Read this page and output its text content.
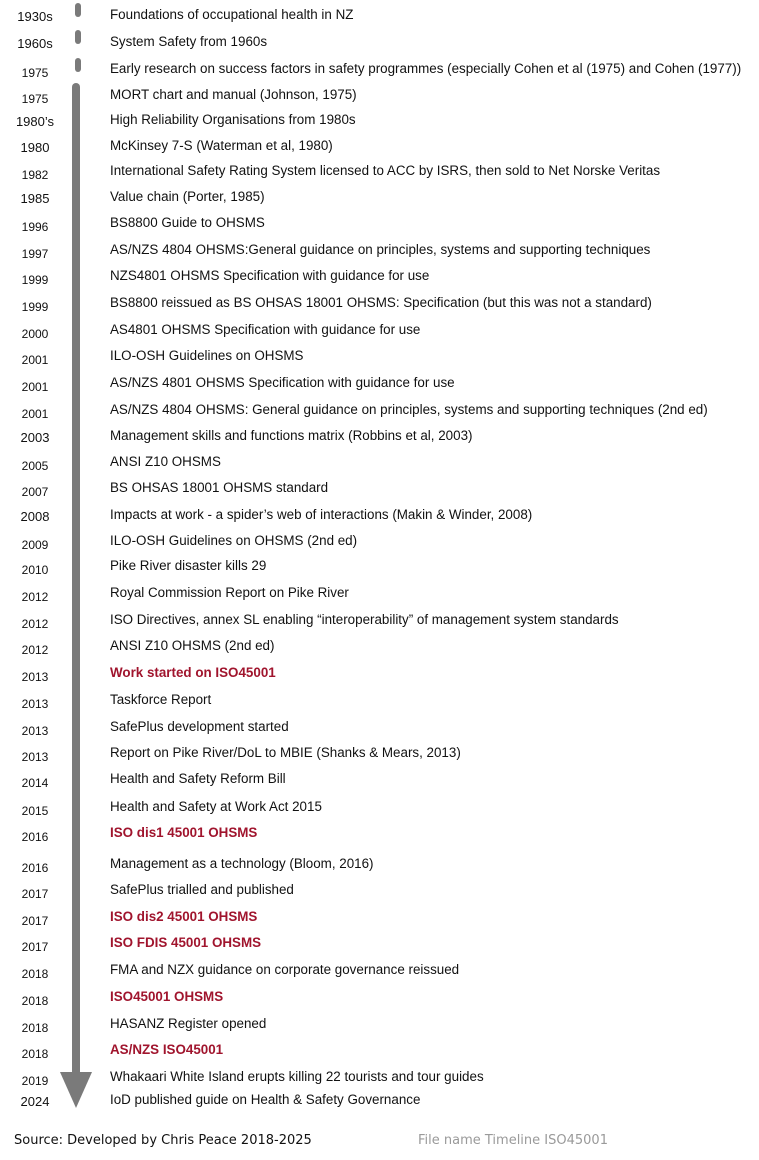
1930s	Foundations of occupational health in NZ
1960s	System Safety from 1960s
1975	Early research on success factors in safety programmes (especially Cohen et al (1975) and Cohen (1977))
1975	MORT chart and manual (Johnson, 1975)
1980’s	High Reliability Organisations from 1980s
1980	McKinsey 7-S (Waterman et al, 1980)
1982	International Safety Rating System licensed to ACC by ISRS, then sold to Net Norske Veritas
1985	Value chain (Porter, 1985)
1996	BS8800 Guide to OHSMS
1997	AS/NZS 4804 OHSMS:General guidance on principles, systems and supporting techniques
1999	NZS4801 OHSMS Specification with guidance for use
1999	BS8800 reissued as BS OHSAS 18001 OHSMS: Specification (but this was not a standard)
2000	AS4801 OHSMS Specification with guidance for use
2001	ILO-OSH Guidelines on OHSMS
2001	AS/NZS 4801 OHSMS Specification with guidance for use
2001	AS/NZS 4804 OHSMS: General guidance on principles, systems and supporting techniques (2nd ed)
2003	Management skills and functions matrix (Robbins et al, 2003)
2005	ANSI Z10 OHSMS
2007	BS OHSAS 18001 OHSMS standard
2008	Impacts at work - a spider’s web of interactions (Makin & Winder, 2008)
2009	ILO-OSH Guidelines on OHSMS (2nd ed)
2010	Pike River disaster kills 29
2012	Royal Commission Report on Pike River
2012	ISO Directives, annex SL enabling “interoperability” of management system standards
2012	ANSI Z10 OHSMS (2nd ed)
2013	Work started on ISO45001
2013	Taskforce Report
2013	SafePlus development started
2013	Report on Pike River/DoL to MBIE (Shanks & Mears, 2013)
2014	Health and Safety Reform Bill
2015	Health and Safety at Work Act 2015
2016	ISO dis1 45001 OHSMS
2016	Management as a technology (Bloom, 2016)
2017	SafePlus trialled and published
2017	ISO dis2 45001 OHSMS
2017	ISO FDIS 45001 OHSMS
2018	FMA and NZX guidance on corporate governance reissued
2018	ISO45001 OHSMS
2018	HASANZ Register opened
2018	AS/NZS ISO45001
2019	Whakaari White Island erupts killing 22 tourists and tour guides
2024	IoD published guide on Health & Safety Governance
Source: Developed by Chris Peace 2018-2025	File name Timeline ISO45001
